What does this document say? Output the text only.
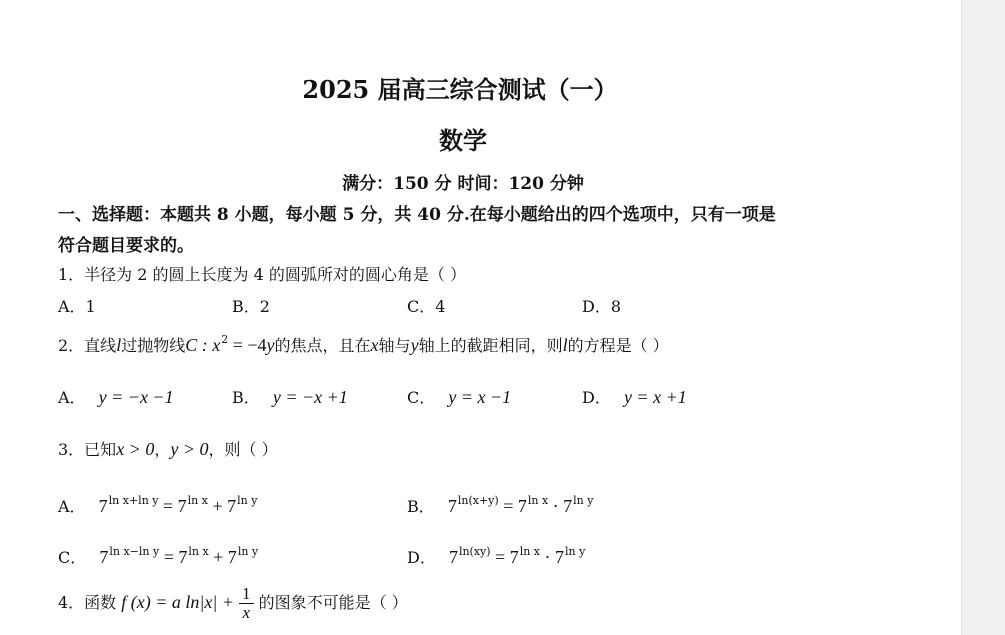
2025 届高三综合测试（一）
数学
满分：150 分 时间：120 分钟
一、选择题：本题共 8 小题，每小题 5 分，共 40 分.在每小题给出的四个选项中，只有一项是
符合题目要求的。
1．半径为 2 的圆上长度为 4 的圆弧所对的圆心角是（ ）
A．1	B．2	C．4	D．8
2．直线l过抛物线C : $x^2 = -4y$的焦点，且在x轴与y轴上的截距相同，则l的方程是（ ）
A． y = −x −1	B． y = −x +1	C． y = x −1	D． y = x +1
3．已知x > 0，y > 0，则（ ）
A． $7^{ln x+ln y} = 7^{ln x} + 7^{ln y}$	B． $7^{ln(x+y)} = 7^{ln x} \cdot 7^{ln y}$
C． $7^{ln x-ln y} = 7^{ln x} + 7^{ln y}$	D． $7^{ln(xy)} = 7^{ln x} \cdot 7^{ln y}$
4．函数 f (x) = a $\ln|x| + \frac{1}{x}$ 的图象不可能是（ ）
